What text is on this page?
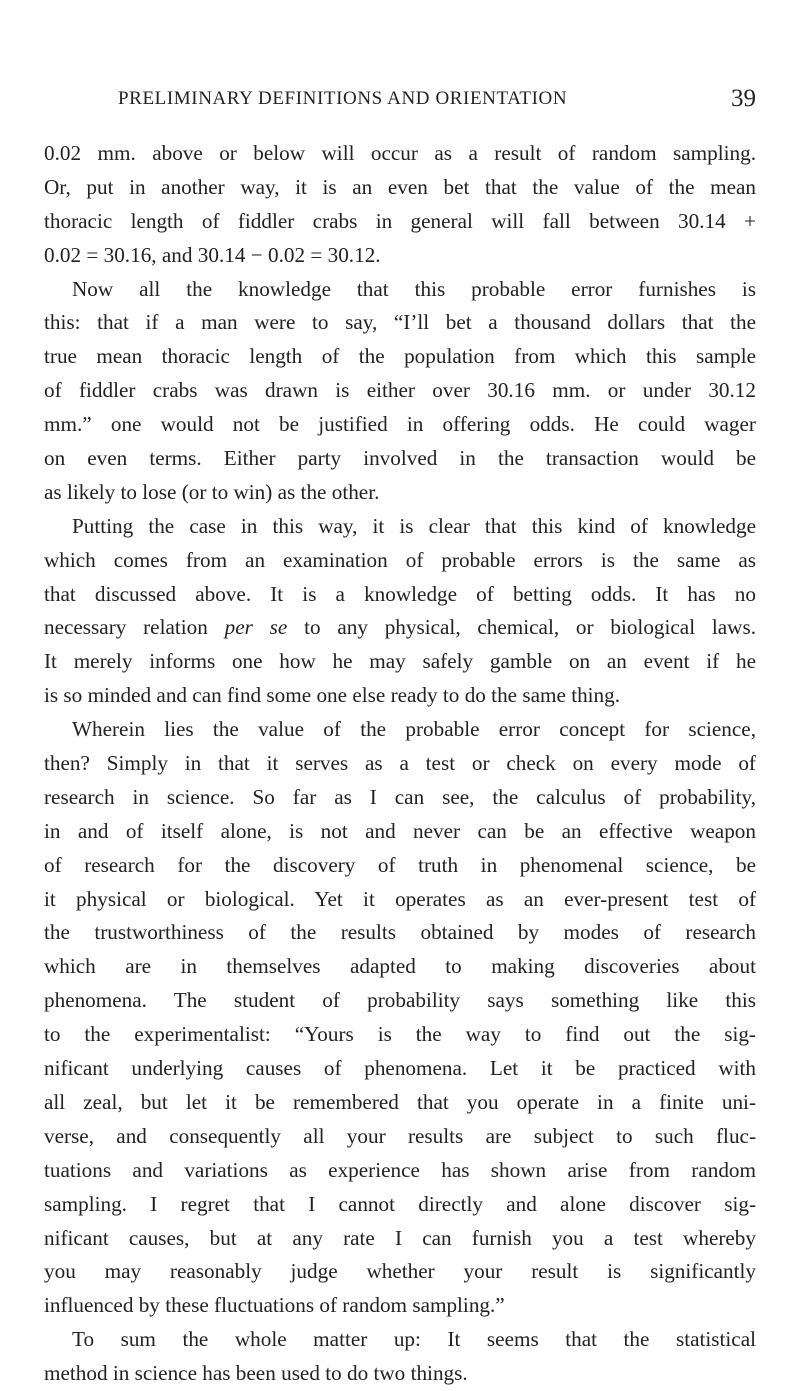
PRELIMINARY DEFINITIONS AND ORIENTATION	39
0.02 mm. above or below will occur as a result of random sampling.
Or, put in another way, it is an even bet that the value of the mean
thoracic length of fiddler crabs in general will fall between 30.14 +
0.02 = 30.16, and 30.14 − 0.02 = 30.12.
Now all the knowledge that this probable error furnishes is
this: that if a man were to say, “I’ll bet a thousand dollars that the
true mean thoracic length of the population from which this sample
of fiddler crabs was drawn is either over 30.16 mm. or under 30.12
mm.” one would not be justified in offering odds. He could wager
on even terms. Either party involved in the transaction would be
as likely to lose (or to win) as the other.
Putting the case in this way, it is clear that this kind of knowledge
which comes from an examination of probable errors is the same as
that discussed above. It is a knowledge of betting odds. It has no
necessary relation per se to any physical, chemical, or biological laws.
It merely informs one how he may safely gamble on an event if he
is so minded and can find some one else ready to do the same thing.
Wherein lies the value of the probable error concept for science,
then? Simply in that it serves as a test or check on every mode of
research in science. So far as I can see, the calculus of probability,
in and of itself alone, is not and never can be an effective weapon
of research for the discovery of truth in phenomenal science, be
it physical or biological. Yet it operates as an ever-present test of
the trustworthiness of the results obtained by modes of research
which are in themselves adapted to making discoveries about
phenomena. The student of probability says something like this
to the experimentalist: “Yours is the way to find out the sig-
nificant underlying causes of phenomena. Let it be practiced with
all zeal, but let it be remembered that you operate in a finite uni-
verse, and consequently all your results are subject to such fluc-
tuations and variations as experience has shown arise from random
sampling. I regret that I cannot directly and alone discover sig-
nificant causes, but at any rate I can furnish you a test whereby
you may reasonably judge whether your result is significantly
influenced by these fluctuations of random sampling.”
To sum the whole matter up: It seems that the statistical
method in science has been used to do two things.
